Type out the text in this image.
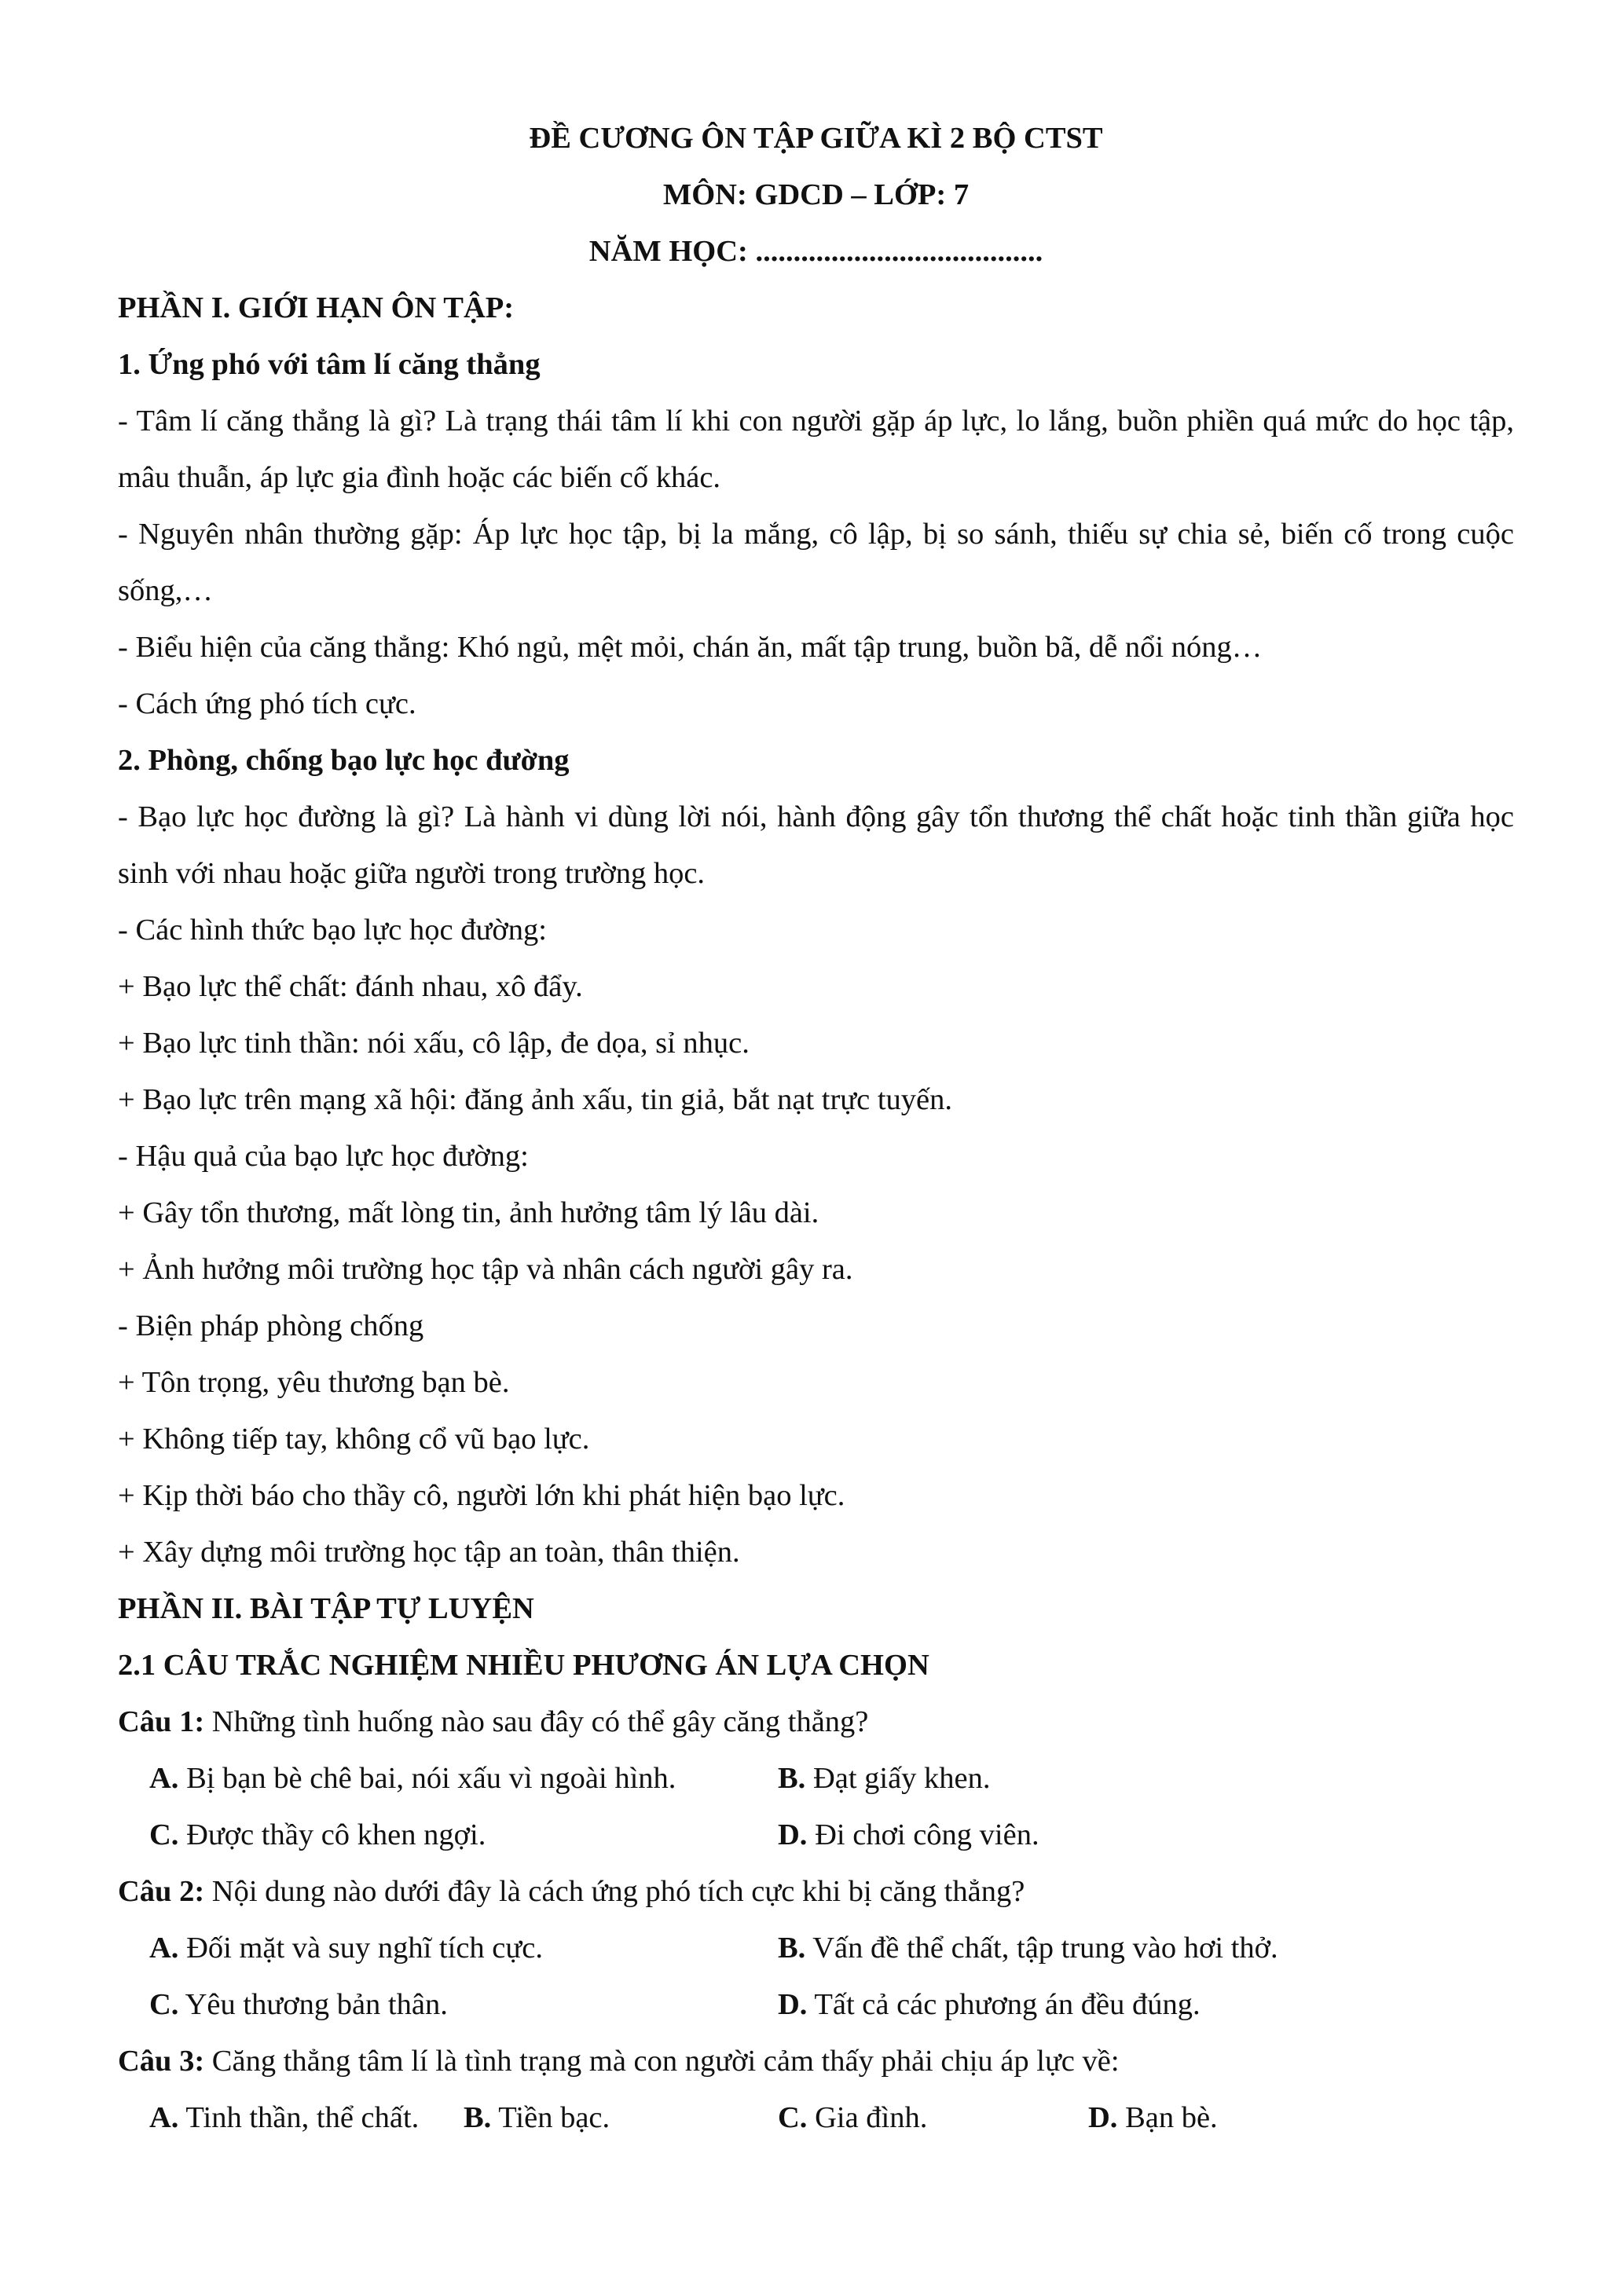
ĐỀ CƯƠNG ÔN TẬP GIỮA KÌ 2 BỘ CTST
MÔN: GDCD – LỚP: 7
NĂM HỌC: ......................................
PHẦN I. GIỚI HẠN ÔN TẬP:
1. Ứng phó với tâm lí căng thẳng
- Tâm lí căng thẳng là gì? Là trạng thái tâm lí khi con người gặp áp lực, lo lắng, buồn phiền quá mức do học tập, mâu thuẫn, áp lực gia đình hoặc các biến cố khác.
- Nguyên nhân thường gặp: Áp lực học tập, bị la mắng, cô lập, bị so sánh, thiếu sự chia sẻ, biến cố trong cuộc sống,…
- Biểu hiện của căng thẳng: Khó ngủ, mệt mỏi, chán ăn, mất tập trung, buồn bã, dễ nổi nóng…
- Cách ứng phó tích cực.
2. Phòng, chống bạo lực học đường
- Bạo lực học đường là gì? Là hành vi dùng lời nói, hành động gây tổn thương thể chất hoặc tinh thần giữa học sinh với nhau hoặc giữa người trong trường học.
- Các hình thức bạo lực học đường:
+ Bạo lực thể chất: đánh nhau, xô đẩy.
+ Bạo lực tinh thần: nói xấu, cô lập, đe dọa, sỉ nhục.
+ Bạo lực trên mạng xã hội: đăng ảnh xấu, tin giả, bắt nạt trực tuyến.
- Hậu quả của bạo lực học đường:
+ Gây tổn thương, mất lòng tin, ảnh hưởng tâm lý lâu dài.
+ Ảnh hưởng môi trường học tập và nhân cách người gây ra.
- Biện pháp phòng chống
+ Tôn trọng, yêu thương bạn bè.
+ Không tiếp tay, không cổ vũ bạo lực.
+ Kịp thời báo cho thầy cô, người lớn khi phát hiện bạo lực.
+ Xây dựng môi trường học tập an toàn, thân thiện.
PHẦN II. BÀI TẬP TỰ LUYỆN
2.1 CÂU TRẮC NGHIỆM NHIỀU PHƯƠNG ÁN LỰA CHỌN
Câu 1: Những tình huống nào sau đây có thể gây căng thẳng?
A. Bị bạn bè chê bai, nói xấu vì ngoài hình.	B. Đạt giấy khen.
C. Được thầy cô khen ngợi.	D. Đi chơi công viên.
Câu 2: Nội dung nào dưới đây là cách ứng phó tích cực khi bị căng thẳng?
A. Đối mặt và suy nghĩ tích cực.	B. Vấn đề thể chất, tập trung vào hơi thở.
C. Yêu thương bản thân.	D. Tất cả các phương án đều đúng.
Câu 3: Căng thẳng tâm lí là tình trạng mà con người cảm thấy phải chịu áp lực về:
A. Tinh thần, thể chất.	B. Tiền bạc.	C. Gia đình.	D. Bạn bè.
